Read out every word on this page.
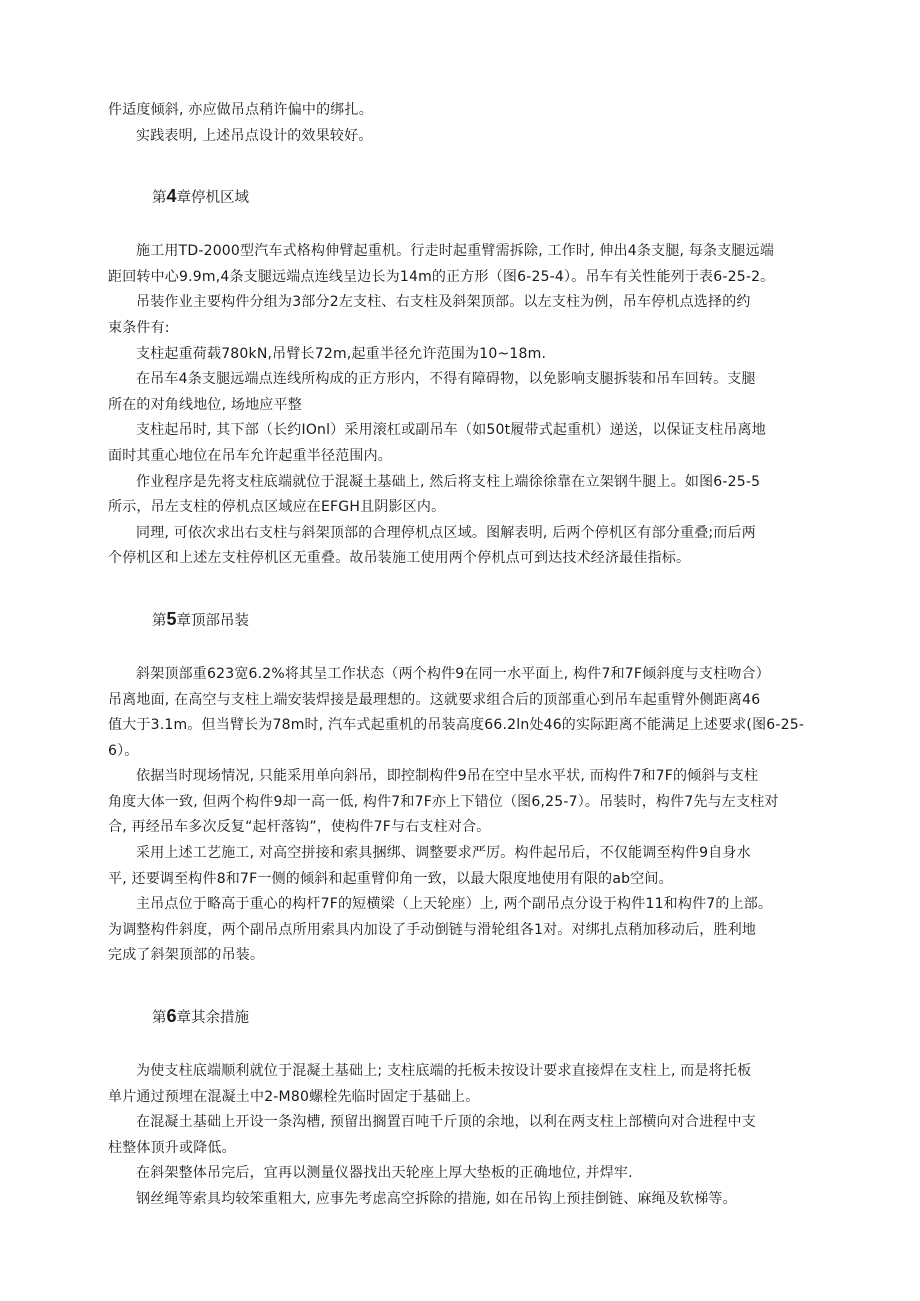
件适度倾斜, 亦应做吊点稍许偏中的绑扎。
实践表明, 上述吊点设计的效果较好。
第4章停机区域
施工用TD-2000型汽车式格构伸臂起重机。行走时起重臂需拆除, 工作时, 伸出4条支腿, 每条支腿远端
距回转中心9.9m,4条支腿远端点连线呈边长为14m的正方形（图6-25-4）。吊车有关性能列于表6-25-2。
吊装作业主要构件分组为3部分2左支柱、右支柱及斜架顶部。以左支柱为例，吊车停机点选择的约
束条件有:
支柱起重荷载780kN,吊臂长72m,起重半径允许范围为10~18m.
在吊车4条支腿远端点连线所构成的正方形内，不得有障碍物，以免影响支腿拆装和吊车回转。支腿
所在的对角线地位, 场地应平整
支柱起吊时, 其下部（长约IOnl）采用滚杠或副吊车（如50t履带式起重机）递送，以保证支柱吊离地
面时其重心地位在吊车允许起重半径范围内。
作业程序是先将支柱底端就位于混凝土基础上, 然后将支柱上端徐徐靠在立架钢牛腿上。如图6-25-5
所示，吊左支柱的停机点区域应在EFGH且阴影区内。
同理, 可依次求出右支柱与斜架顶部的合理停机点区域。图解表明, 后两个停机区有部分重叠;而后两
个停机区和上述左支柱停机区无重叠。故吊装施工使用两个停机点可到达技术经济最佳指标。
第5章顶部吊装
斜架顶部重623宽6.2%将其呈工作状态（两个构件9在同一水平面上, 构件7和7F倾斜度与支柱吻合）
吊离地面, 在高空与支柱上端安装焊接是最理想的。这就要求组合后的顶部重心到吊车起重臂外侧距离46
值大于3.1m。但当臂长为78m时, 汽车式起重机的吊装高度66.2ln处46的实际距离不能满足上述要求(图6-25-
6）。
依据当时现场情况, 只能采用单向斜吊，即控制构件9吊在空中呈水平状, 而构件7和7F的倾斜与支柱
角度大体一致, 但两个构件9却一高一低, 构件7和7F亦上下错位（图6,25-7）。吊装时，构件7先与左支柱对
合, 再经吊车多次反复“起杆落钩”，使构件7F与右支柱对合。
采用上述工艺施工, 对高空拼接和索具捆绑、调整要求严厉。构件起吊后，不仅能调至构件9自身水
平, 还要调至构件8和7F一侧的倾斜和起重臂仰角一致，以最大限度地使用有限的ab空间。
主吊点位于略高于重心的构杆7F的短横梁（上天轮座）上, 两个副吊点分设于构件11和构件7的上部。
为调整构件斜度，两个副吊点所用索具内加设了手动倒链与滑轮组各1对。对绑扎点稍加移动后，胜利地
完成了斜架顶部的吊装。
第6章其余措施
为使支柱底端顺利就位于混凝土基础上; 支柱底端的托板未按设计要求直接焊在支柱上, 而是将托板
单片通过预埋在混凝土中2-M80螺栓先临时固定于基础上。
在混凝土基础上开设一条沟槽, 预留出搁置百吨千斤顶的余地，以利在两支柱上部横向对合进程中支
柱整体顶升或降低。
在斜架整体吊完后，宜再以测量仪器找出天轮座上厚大垫板的正确地位, 并焊牢.
钢丝绳等索具均较笨重粗大, 应事先考虑高空拆除的措施, 如在吊钩上预挂倒链、麻绳及软梯等。
